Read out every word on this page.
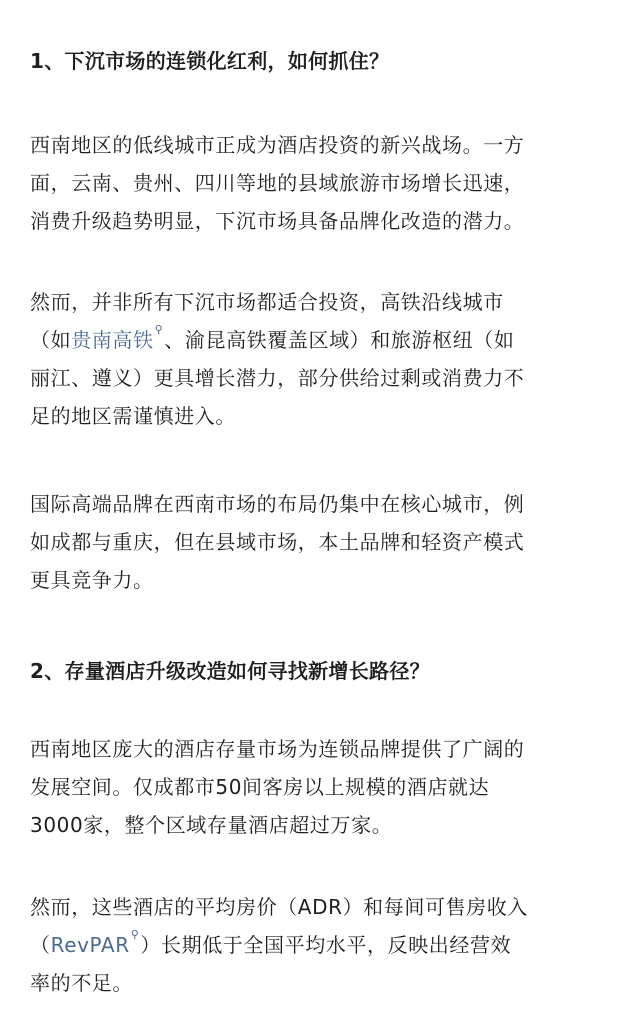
1、下沉市场的连锁化红利，如何抓住？

西南地区的低线城市正成为酒店投资的新兴战场。一方
面，云南、贵州、四川等地的县域旅游市场增长迅速，
消费升级趋势明显，下沉市场具备品牌化改造的潜力。

然而，并非所有下沉市场都适合投资，高铁沿线城市
（如贵南高铁⚲、渝昆高铁覆盖区域）和旅游枢纽（如
丽江、遵义）更具增长潜力，部分供给过剩或消费力不
足的地区需谨慎进入。

国际高端品牌在西南市场的布局仍集中在核心城市，例
如成都与重庆，但在县域市场，本土品牌和轻资产模式
更具竞争力。

2、存量酒店升级改造如何寻找新增长路径？

西南地区庞大的酒店存量市场为连锁品牌提供了广阔的
发展空间。仅成都市50间客房以上规模的酒店就达
3000家，整个区域存量酒店超过万家。

然而，这些酒店的平均房价（ADR）和每间可售房收入
（RevPAR⚲）长期低于全国平均水平，反映出经营效
率的不足。
